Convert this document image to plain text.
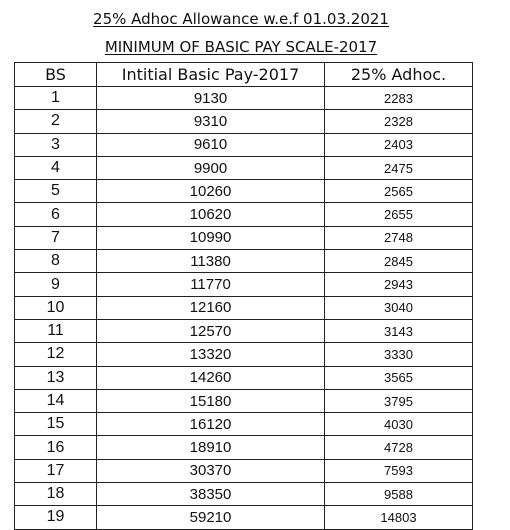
25% Adhoc Allowance w.e.f 01.03.2021
MINIMUM OF BASIC PAY SCALE-2017
BS	Intitial Basic Pay-2017	25% Adhoc.
1	9130	2283
2	9310	2328
3	9610	2403
4	9900	2475
5	10260	2565
6	10620	2655
7	10990	2748
8	11380	2845
9	11770	2943
10	12160	3040
11	12570	3143
12	13320	3330
13	14260	3565
14	15180	3795
15	16120	4030
16	18910	4728
17	30370	7593
18	38350	9588
19	59210	14803
